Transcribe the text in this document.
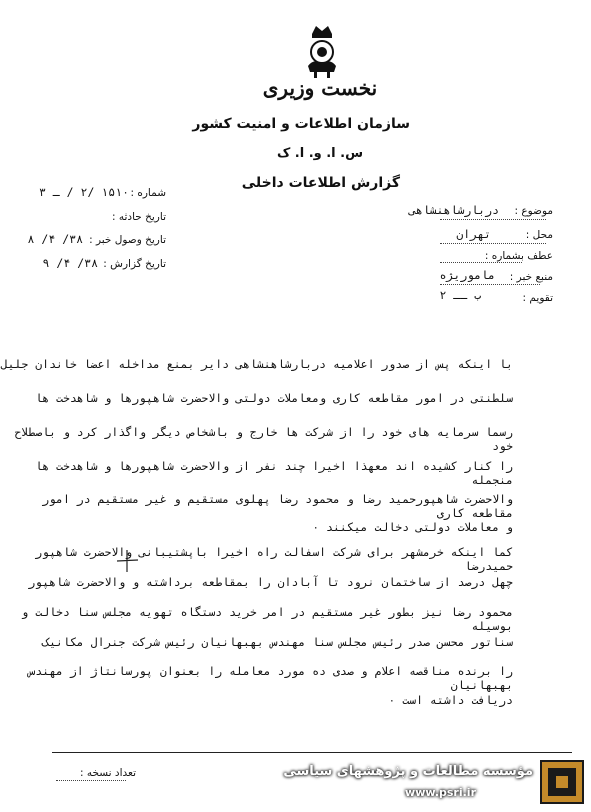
نخست وزیری
سازمان اطلاعات و امنیت کشور
س. ا. و. ا. ک
گزارش اطلاعات داخلی
موضوع :
دربارشاهنشاهی
محل :
تهران
عطف بشماره :
منبع خبر :
ماموریژه
تقویم :
ب ــ ۲
شماره :
۱۵۱۰ /۲ / ـ ۳
تاریخ حادثه :
تاریخ وصول خبر :
۳۸/ ۴/ ۸
تاریخ گزارش :
۳۸/ ۴/ ۹
با اینکه پس از صدور اعلامیه دربارشاهنشاهی دایر بمنع مداخله اعضا خاندان جلیل
سلطنتی در امور مقاطعه کاری ومعاملات دولتی والاحضرت شاهپورها و شاهدخت ها
رسما سرمایه های خود را از شرکت ها خارج و باشخاص دیگر واگذار کرد و باصطلاح خود
را کنار کشیده اند معهذا اخیرا چند نفر از والاحضرت شاهپورها و شاهدخت ها منجمله
والاحضرت شاهپورحمید رضا و محمود رضا پهلوی مستقیم و غیر مستقیم در امور مقاطعه کاری
و معاملات دولتی دخالت میکنند ٠
کما اینکه خرمشهر برای شرکت اسفالت راه اخیرا باپشتیبانی والاحضرت شاهپور حمیدرضا
چهل درصد از ساختمان نرود تا آبادان را بمقاطعه برداشته و والاحضرت شاهپور
محمود رضا نیز بطور غیر مستقیم در امر خرید دستگاه تهویه مجلس سنا دخالت و بوسیله
سناتور محسن صدر رئیس مجلس سنا مهندس بهبهانیان رئیس شرکت جنرال مکانیک
را برنده مناقصه اعلام و صدی ده مورد معامله را بعنوان پورسانتاژ از مهندس بهبهانیان
دریافت داشته است ٠
تعداد نسخه :	مؤسسه مطالعات و پژوهشهای سیاسی
www.psri.ir
